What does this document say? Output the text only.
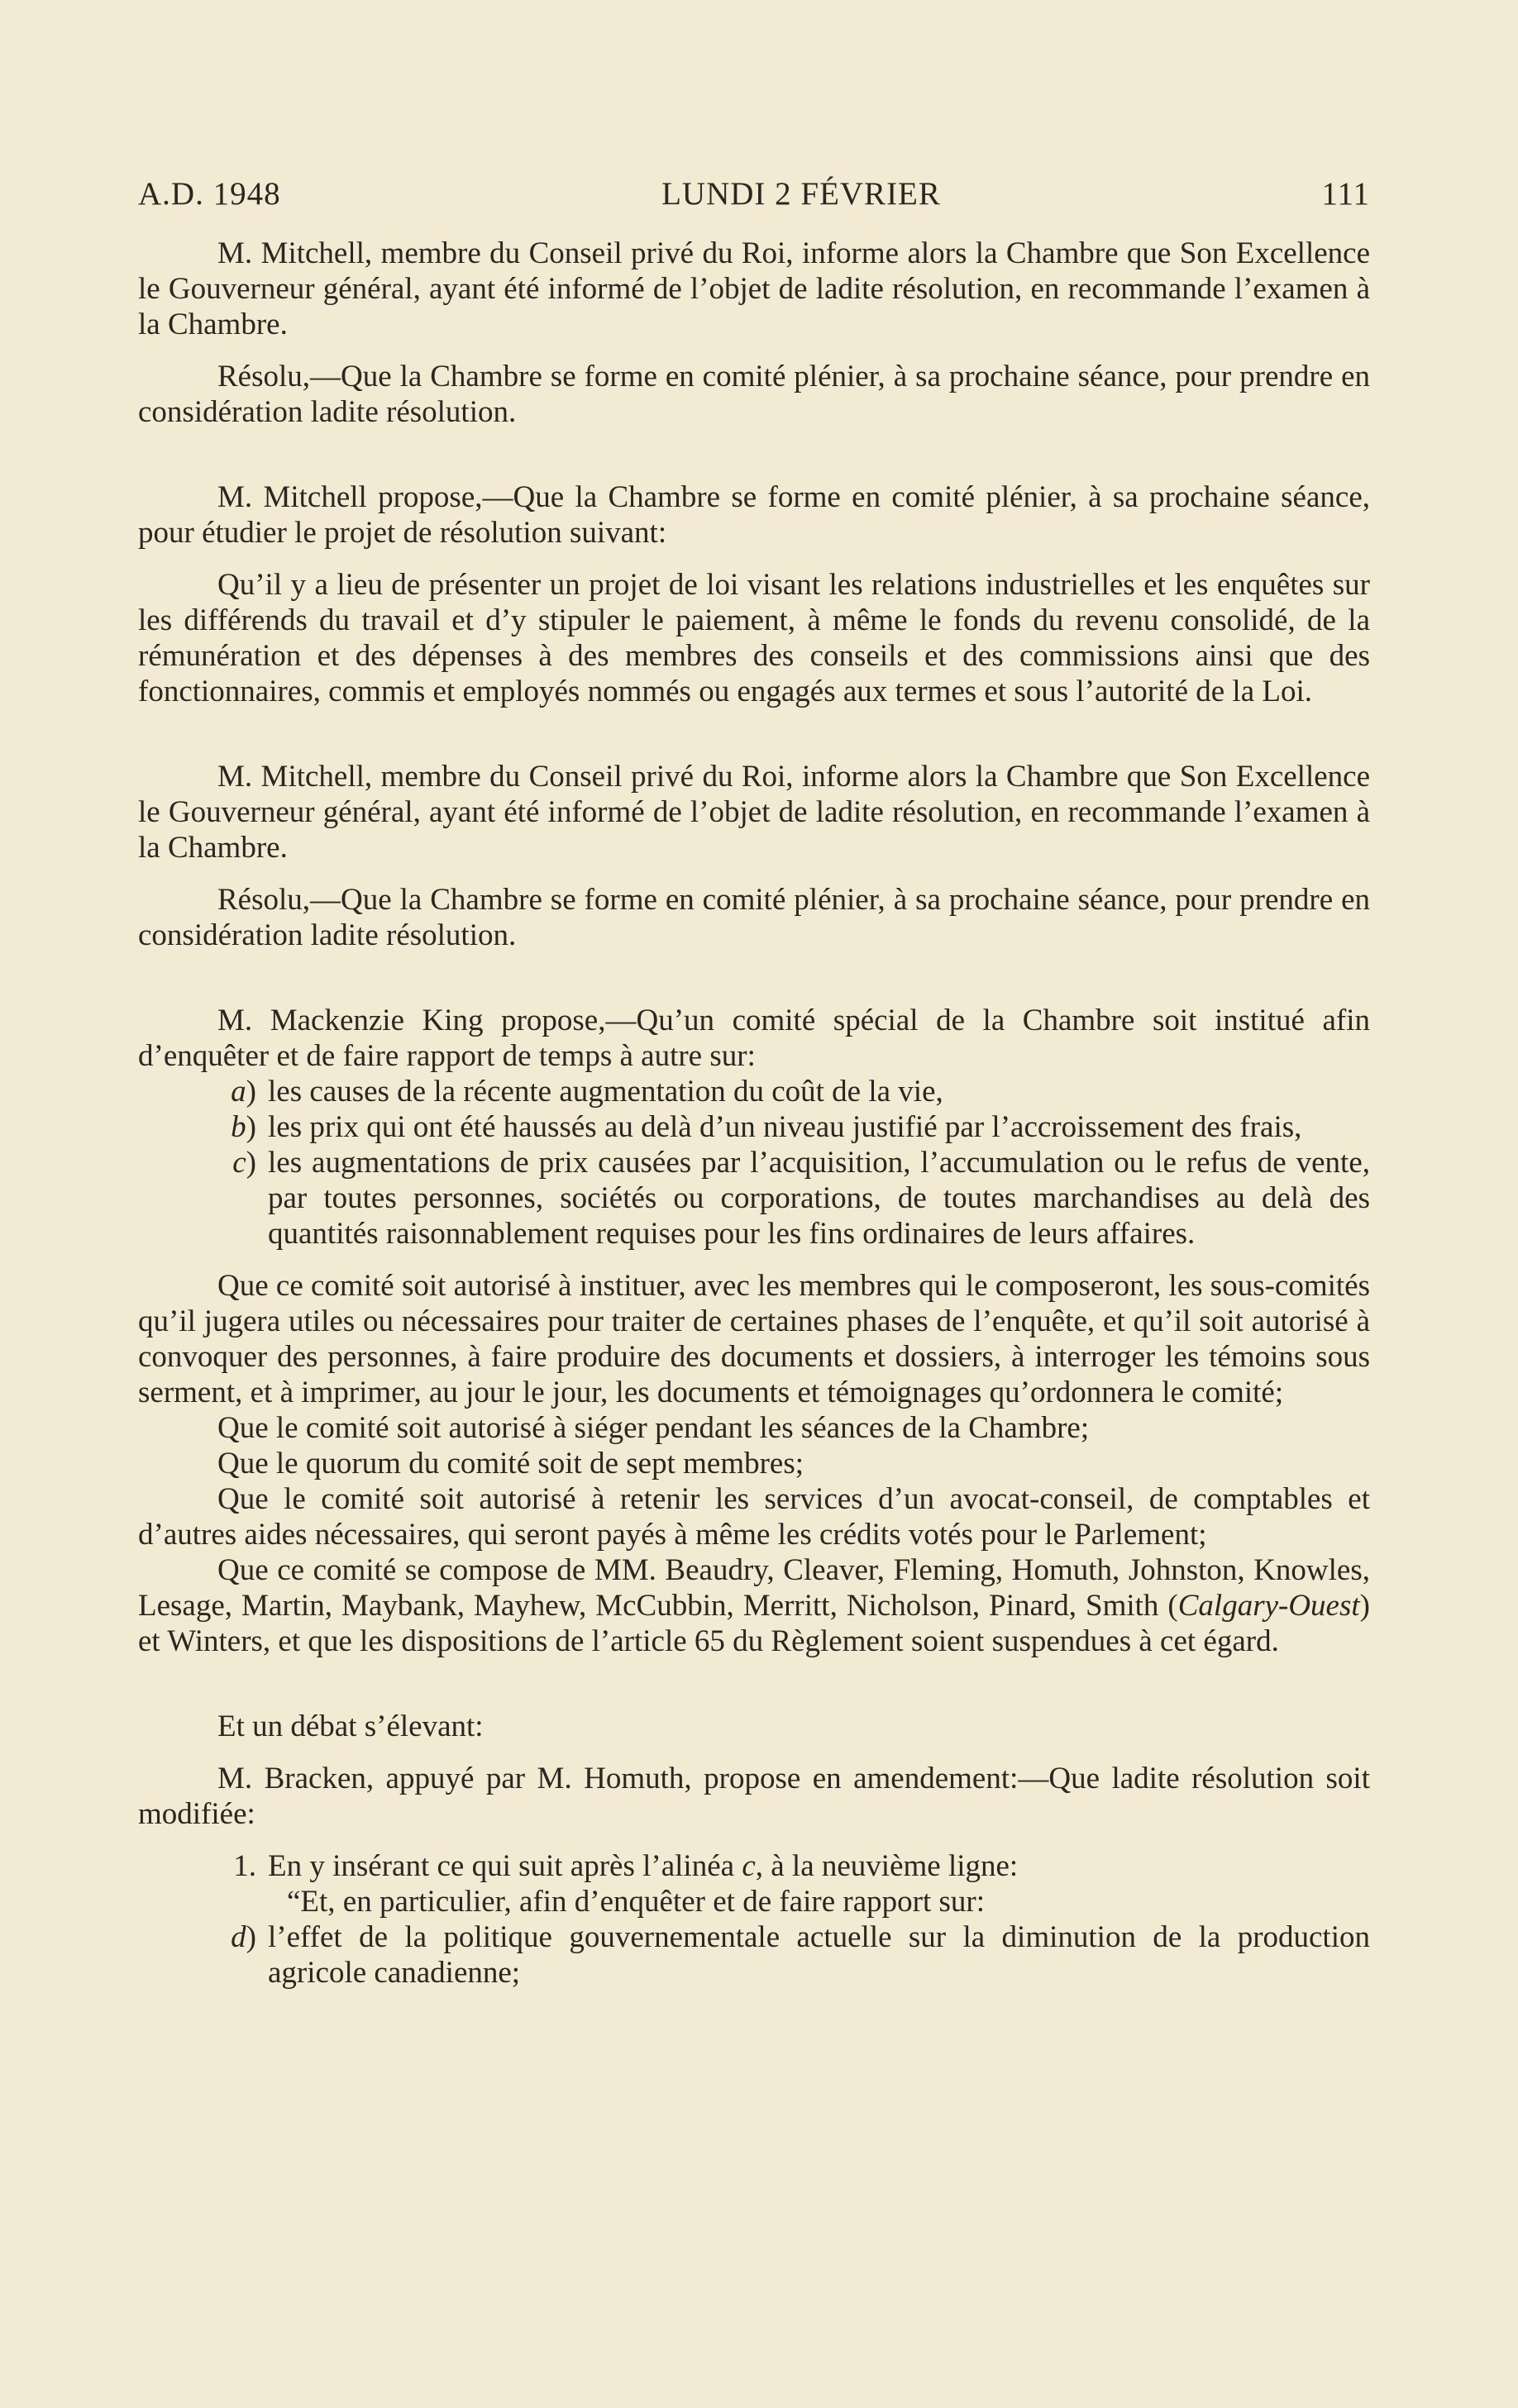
A.D. 1948	LUNDI 2 FÉVRIER	111

M. Mitchell, membre du Conseil privé du Roi, informe alors la Chambre que Son Excellence le Gouverneur général, ayant été informé de l’objet de ladite résolution, en recommande l’examen à la Chambre.

Résolu,—Que la Chambre se forme en comité plénier, à sa prochaine séance, pour prendre en considération ladite résolution.

M. Mitchell propose,—Que la Chambre se forme en comité plénier, à sa prochaine séance, pour étudier le projet de résolution suivant:

Qu’il y a lieu de présenter un projet de loi visant les relations industrielles et les enquêtes sur les différends du travail et d’y stipuler le paiement, à même le fonds du revenu consolidé, de la rémunération et des dépenses à des membres des conseils et des commissions ainsi que des fonctionnaires, commis et employés nommés ou engagés aux termes et sous l’autorité de la Loi.

M. Mitchell, membre du Conseil privé du Roi, informe alors la Chambre que Son Excellence le Gouverneur général, ayant été informé de l’objet de ladite résolution, en recommande l’examen à la Chambre.

Résolu,—Que la Chambre se forme en comité plénier, à sa prochaine séance, pour prendre en considération ladite résolution.

M. Mackenzie King propose,—Qu’un comité spécial de la Chambre soit institué afin d’enquêter et de faire rapport de temps à autre sur:

a) les causes de la récente augmentation du coût de la vie,
b) les prix qui ont été haussés au delà d’un niveau justifié par l’accroissement des frais,
c) les augmentations de prix causées par l’acquisition, l’accumulation ou le refus de vente, par toutes personnes, sociétés ou corporations, de toutes marchandises au delà des quantités raisonnablement requises pour les fins ordinaires de leurs affaires.

Que ce comité soit autorisé à instituer, avec les membres qui le composeront, les sous-comités qu’il jugera utiles ou nécessaires pour traiter de certaines phases de l’enquête, et qu’il soit autorisé à convoquer des personnes, à faire produire des documents et dossiers, à interroger les témoins sous serment, et à imprimer, au jour le jour, les documents et témoignages qu’ordonnera le comité;

Que le comité soit autorisé à siéger pendant les séances de la Chambre;

Que le quorum du comité soit de sept membres;

Que le comité soit autorisé à retenir les services d’un avocat-conseil, de comptables et d’autres aides nécessaires, qui seront payés à même les crédits votés pour le Parlement;

Que ce comité se compose de MM. Beaudry, Cleaver, Fleming, Homuth, Johnston, Knowles, Lesage, Martin, Maybank, Mayhew, McCubbin, Merritt, Nicholson, Pinard, Smith (Calgary-Ouest) et Winters, et que les dispositions de l’article 65 du Règlement soient suspendues à cet égard.

Et un débat s’élevant:

M. Bracken, appuyé par M. Homuth, propose en amendement:—Que ladite résolution soit modifiée:

1. En y insérant ce qui suit après l’alinéa c, à la neuvième ligne:
“Et, en particulier, afin d’enquêter et de faire rapport sur:
d) l’effet de la politique gouvernementale actuelle sur la diminution de la production agricole canadienne;
